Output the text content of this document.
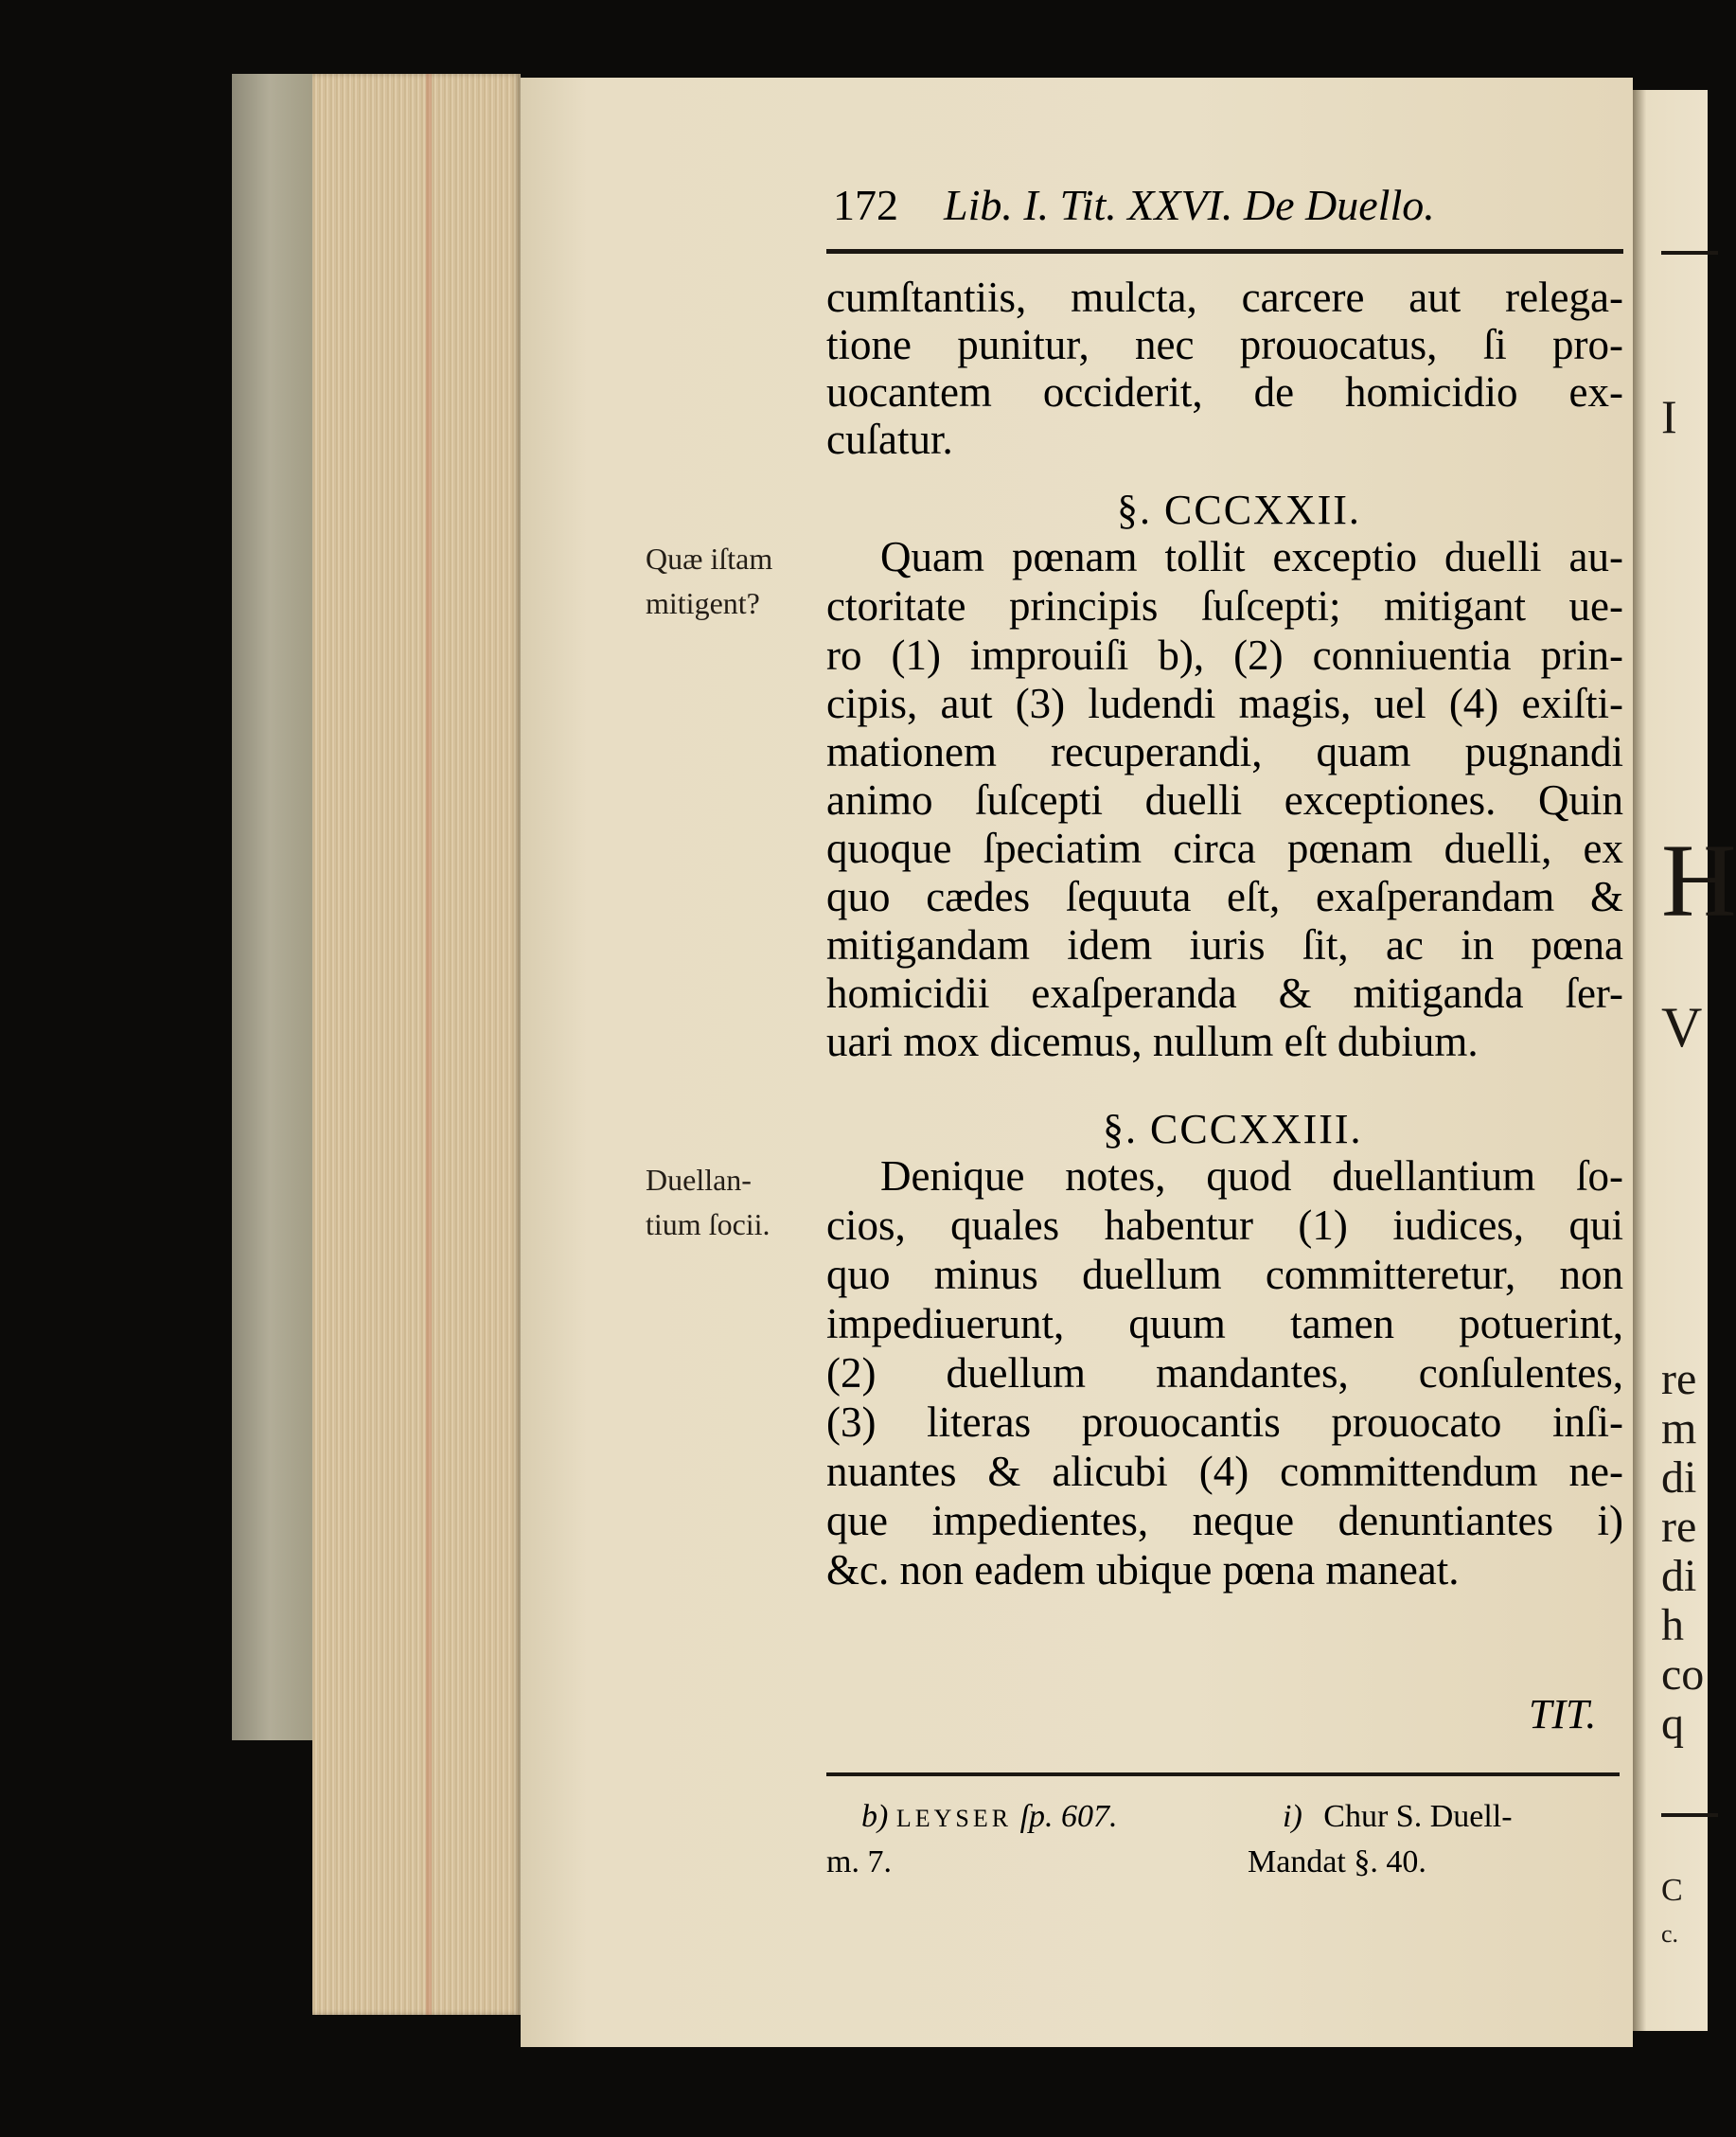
I
H
V
re
m
di
re
di
h
co
q
C
c.
172 Lib. I. Tit. XXVI. De Duello.
cumſtantiis, mulcta, carcere aut relega-
tione punitur, nec prouocatus, ſi pro-
uocantem occiderit, de homicidio ex-
cuſatur.
§. CCCXXII.
Quæ iſtam
mitigent?
Quam pœnam tollit exceptio duelli au-
ctoritate principis ſuſcepti; mitigant ue-
ro (1) improuiſi b), (2) conniuentia prin-
cipis, aut (3) ludendi magis, uel (4) exiſti-
mationem recuperandi, quam pugnandi
animo ſuſcepti duelli exceptiones. Quin
quoque ſpeciatim circa pœnam duelli, ex
quo cædes ſequuta eſt, exaſperandam &
mitigandam idem iuris ſit, ac in pœna
homicidii exaſperanda & mitiganda ſer-
uari mox dicemus, nullum eſt dubium.
§. CCCXXIII.
Duellan-
tium ſocii.
Denique notes, quod duellantium ſo-
cios, quales habentur (1) iudices, qui
quo minus duellum committeretur, non
impediuerunt, quum tamen potuerint,
(2) duellum mandantes, conſulentes,
(3) literas prouocantis prouocato inſi-
nuantes & alicubi (4) committendum ne-
que impedientes, neque denuntiantes i)
&c. non eadem ubique pœna maneat.
TIT.
b) LEYSER ſp. 607.
m. 7.
i) Chur S. Duell-
Mandat §. 40.
